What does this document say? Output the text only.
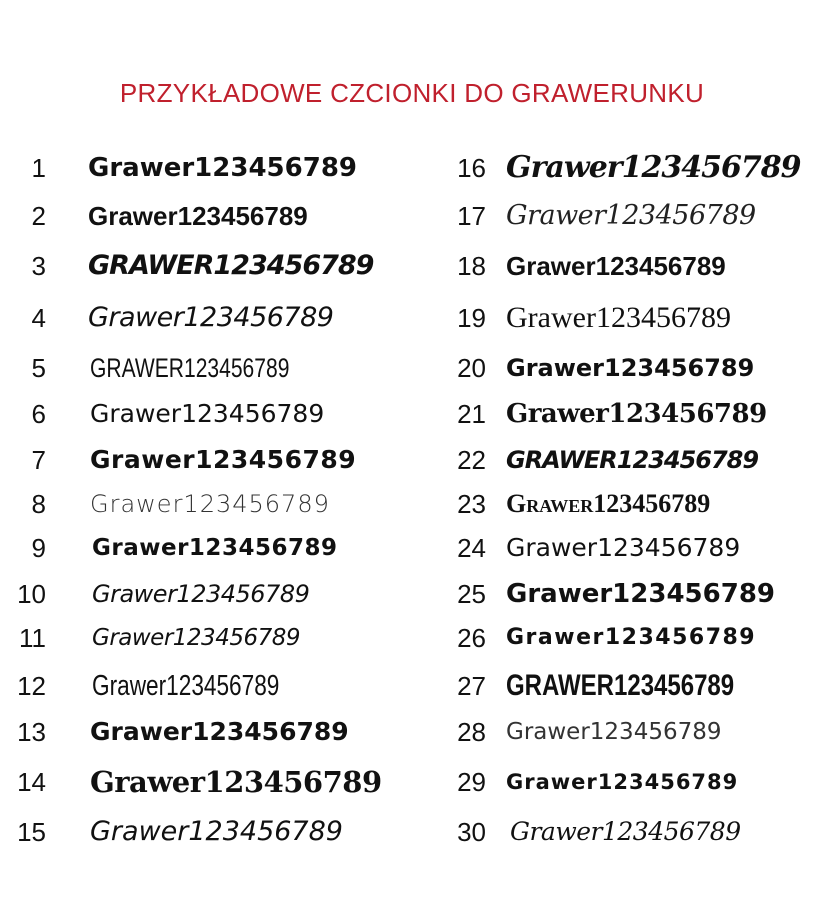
PRZYKŁADOWE CZCIONKI DO GRAWERUNKU
1 Grawer123456789
2 Grawer123456789
3 GRAWER123456789
4 Grawer123456789
5 GRAWER123456789
6 Grawer123456789
7 Grawer123456789
8 Grawer123456789
9 Grawer123456789
10 Grawer123456789
11 Grawer123456789
12 Grawer123456789
13 Grawer123456789
14 Grawer123456789
15 Grawer123456789
16 Grawer123456789
17 Grawer123456789
18 Grawer123456789
19 Grawer123456789
20 Grawer123456789
21 Grawer123456789
22 GRAWER123456789
23 Grawer123456789
24 Grawer123456789
25 Grawer123456789
26 Grawer123456789
27 GRAWER123456789
28 Grawer123456789
29 Grawer123456789
30 Grawer123456789
